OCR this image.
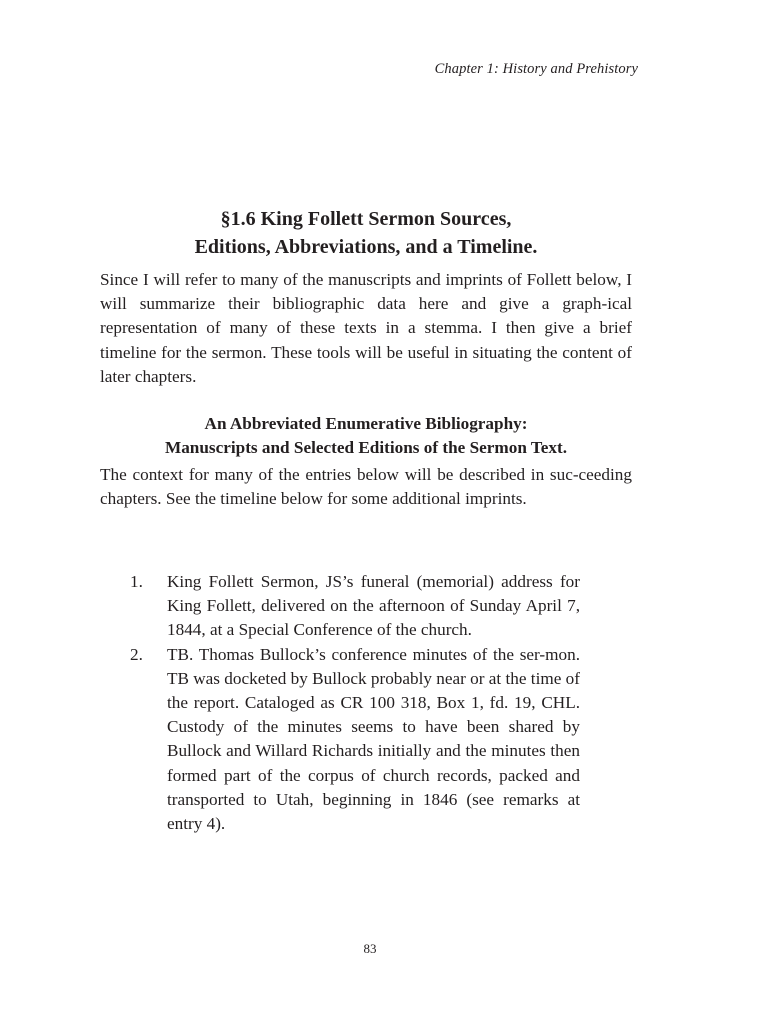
Chapter 1: History and Prehistory
§1.6 King Follett Sermon Sources,
Editions, Abbreviations, and a Timeline.

Since I will refer to many of the manuscripts and imprints of Follett below, I will summarize their bibliographic data here and give a graph-ical representation of many of these texts in a stemma. I then give a brief timeline for the sermon. These tools will be useful in situating the content of later chapters.

An Abbreviated Enumerative Bibliography:
Manuscripts and Selected Editions of the Sermon Text.

The context for many of the entries below will be described in suc-ceeding chapters. See the timeline below for some additional imprints.

1. King Follett Sermon, JS’s funeral (memorial) address for King Follett, delivered on the afternoon of Sunday April 7, 1844, at a Special Conference of the church.
2. TB. Thomas Bullock’s conference minutes of the ser-mon. TB was docketed by Bullock probably near or at the time of the report. Cataloged as CR 100 318, Box 1, fd. 19, CHL. Custody of the minutes seems to have been shared by Bullock and Willard Richards initially and the minutes then formed part of the corpus of church records, packed and transported to Utah, beginning in 1846 (see remarks at entry 4).
83
